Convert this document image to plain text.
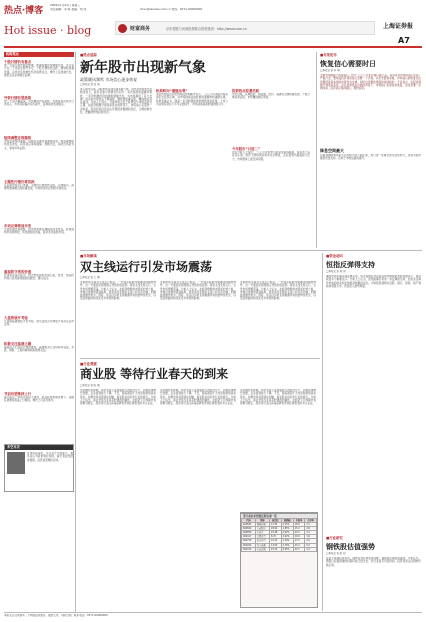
热点·博客
2009年1月21日 星期三
责任编辑：李 峰 美编：刘 伟	chec@zznews.com.cn 热线：0371-00000000
Hot issue · blog	财富商务	京东控股与河南投资联合投资建设：http://www.com.cn	上海证券报
A7
机构观点
个股行情仍有看点
前一交易日两市缩量整理，短期指数延续调整态势，多空双方在二千点附近展开争夺，个股行情依然活跃，题材股轮番表现，后市仍有结构性机会值得关注，操作上宜控制仓位，逢低关注业绩稳定品种。
外资行情有望延续
周二大盘小幅震荡，外资增持仍在持续，北向资金连续多日净流入，市场风险偏好有所提升，蓝筹板块表现稳定。
短线调整还将继续
市场量能持续萎缩，指数在关键位置遇阻回落，短线调整格局没有改变，投资者应保持谨慎，控制仓位，以防范风险为主，等待市场企稳。
主题性行情仍将活跃
从近期市场运行来看，主题性行情依然活跃，区域振兴、消费刺激等概念股轮番表现，市场资金仍在积极寻找热点。
市场反弹格局未变
尽管短期出现调整，但市场整体反弹格局并未改变，政策面利好持续释放，资金面相对宽裕，投资者可逢低布局。
重视防守类的价值
在市场震荡过程中，防守类板块的价值凸显，医药、食品饮料等行业具备较强的抗跌性，建议关注。
大盘将展开考验
大盘面临重要阻力位考验，成交量能否有效放大将决定后市走向。
积极关注基建主题
随着四万亿投资计划的推进，基建相关行业将持续受益，水泥、钢铁、工程机械等板块值得关注。
节前有望维持上行
春节临近，市场交投趋于清淡，但在政策预期支撑下，指数有望维持震荡上行格局，操作上可适当参与。
多空对决
在市场震荡中，多空双方分歧加大，看多者认为政策利好持续，看空者担忧经济数据，投资者需理性对待。
■热点追踪
新年股市出现新气象
政策暖风频吹 市场信心逐步恢复
□本报记者 张 明
进入新年以来，A股市场呈现出诸多新气象。首先是市场成交量稳步放大，投资者参与热情有所回升；其次是政策面暖风频吹，一系列刺激经济的措施相继出台，为市场提供了有力支撑；再次是市场热点不断涌现，题材股轮番活跃，赚钱效应逐步显现。分析人士指出，当前市场正处于政策底与市场底的交汇期，在经济刺激计划逐步落实的背景下，市场信心有望进一步恢复，但投资者仍需关注宏观经济数据的变化，合理控制仓位，把握结构性投资机会。
机构转向“谨慎乐观”
多家机构在年初发布的投资策略中表示，二○○九年A股市场有望走出底部区域，对市场的看法由此前的谨慎转向谨慎乐观。机构普遍认为，随着一系列刺激政策的效果逐步显现，上市公司业绩有望在下半年企稳回升，市场估值具备较强的吸引力。
投资热点轮番活跃
今年以来，区域经济、新能源、医药、基建等主题轮番表现，个股行情异常活跃，市场赚钱效应明显。
今年股市“只进二”
也有分析人士指出，二○○九年股市可能呈现震荡格局，投资者不宜盲目乐观。经济下滑的风险尚未完全释放，企业盈利仍面临较大压力，市场整体上涨空间有限。
■专家论市
恢复信心需要时日
□本报记者 李 明
当前市场最缺乏的是信心。经过二○○八年的大幅下跌之后，投资者对市场的信心受到了严重打击，要恢复投资者的信心需要一个过程。从历史经验来看，市场信心的恢复往往需要经济基本面的改善作为支撑，同时也需要政策面的持续呵护。专家指出，在经济刺激计划逐步落实、企业盈利逐步企稳的背景下，市场信心有望逐步恢复，但这需要一定的时间，投资者应保持耐心，理性投资。
降息空间最大
目前我国的利率水平仍有较大的下调空间，央行进一步降息的可能性较大，这将为股市提供资金支持，有利于市场估值的提升。
■市场解读
双主线运行引发市场震荡
□本报记者 王 刚
近期市场呈现双主线运行特征，一方面是政策预期推动的题材炒作，另一方面是业绩预期主导的价值投资。两条主线交替运行，引发市场频繁震荡。分析人士认为，在经济数据尚未明显好转之前，市场仍将维持震荡格局，投资者可在两条主线之间灵活切换，把握波段操作机会。同时，需关注年报业绩披露带来的结构性机会，以及政策面的持续变化对市场的影响。
近期市场呈现双主线运行特征，一方面是政策预期推动的题材炒作，另一方面是业绩预期主导的价值投资。两条主线交替运行，引发市场频繁震荡。分析人士认为，在经济数据尚未明显好转之前，市场仍将维持震荡格局，投资者可在两条主线之间灵活切换，把握波段操作机会。同时，需关注年报业绩披露带来的结构性机会，以及政策面的持续变化对市场的影响。
近期市场呈现双主线运行特征，一方面是政策预期推动的题材炒作，另一方面是业绩预期主导的价值投资。两条主线交替运行，引发市场频繁震荡。分析人士认为，在经济数据尚未明显好转之前，市场仍将维持震荡格局，投资者可在两条主线之间灵活切换，把握波段操作机会。同时，需关注年报业绩披露带来的结构性机会，以及政策面的持续变化对市场的影响。
■行业观察
商业股 等待行业春天的到来
□本报记者 陈 刚
受金融危机影响，商业零售行业面临较大的经营压力，消费需求增长放缓，企业盈利能力下降。不过，随着国家扩大内需政策的逐步落实，消费市场有望逐步回暖，商业股也将迎来行业的春天。分析人士指出，商业零售行业具有较强的防御性，在经济下行周期中表现相对稳定，投资者可关注具备品牌优势和区域优势的龙头企业。
受金融危机影响，商业零售行业面临较大的经营压力，消费需求增长放缓，企业盈利能力下降。不过，随着国家扩大内需政策的逐步落实，消费市场有望逐步回暖，商业股也将迎来行业的春天。分析人士指出，商业零售行业具有较强的防御性，在经济下行周期中表现相对稳定，投资者可关注具备品牌优势和区域优势的龙头企业。
受金融危机影响，商业零售行业面临较大的经营压力，消费需求增长放缓，企业盈利能力下降。不过，随着国家扩大内需政策的逐步落实，消费市场有望逐步回暖，商业股也将迎来行业的春天。分析人士指出，商业零售行业具有较强的防御性，在经济下行周期中表现相对稳定，投资者可关注具备品牌优势和区域优势的龙头企业。
■资金动向
恒指反弹得支持
□本报记者 刘 伟
港股市场近期呈现反弹走势，恒生指数在外资回流和内地政策利好的推动下，成功收复多个重要关口。分析人士认为，恒指短期仍有进一步反弹的空间，但需关注海外市场的波动和全球经济数据的变化。中资股表现相对活跃，银行、保险、地产等板块领涨大市，资金流入迹象明显。
■行业研究
钢铁股估值强势
□本报记者 赵 阳
受益于基建投资拉动，钢材需求有望逐步回暖，钢铁股近期表现强势。分析认为，钢铁行业最困难的时期可能已经过去，但行业复苏仍需时间，投资者需关注钢材价格走势。
部分商业零售股近期表现一览
代码	简称	收盘价	涨跌幅	市盈率	市净率
600655	豫园商城	12.35	2.15%	18.6	2.1
600694	大商股份	28.90	1.85%	15.2	2.8
600859	王府井	22.48	0.92%	20.3	3.1
000417	合肥百货	8.76	3.42%	16.8	1.9
600729	重庆百货	19.15	1.20%	17.5	2.5
002024	苏宁电器	13.62	2.76%	25.4	5.2
600415	小商品城	45.20	0.65%	22.1	4.3
本版文章仅供参考，不构成投资建议。据此入市，风险自担。联系电话：0371-00000000
